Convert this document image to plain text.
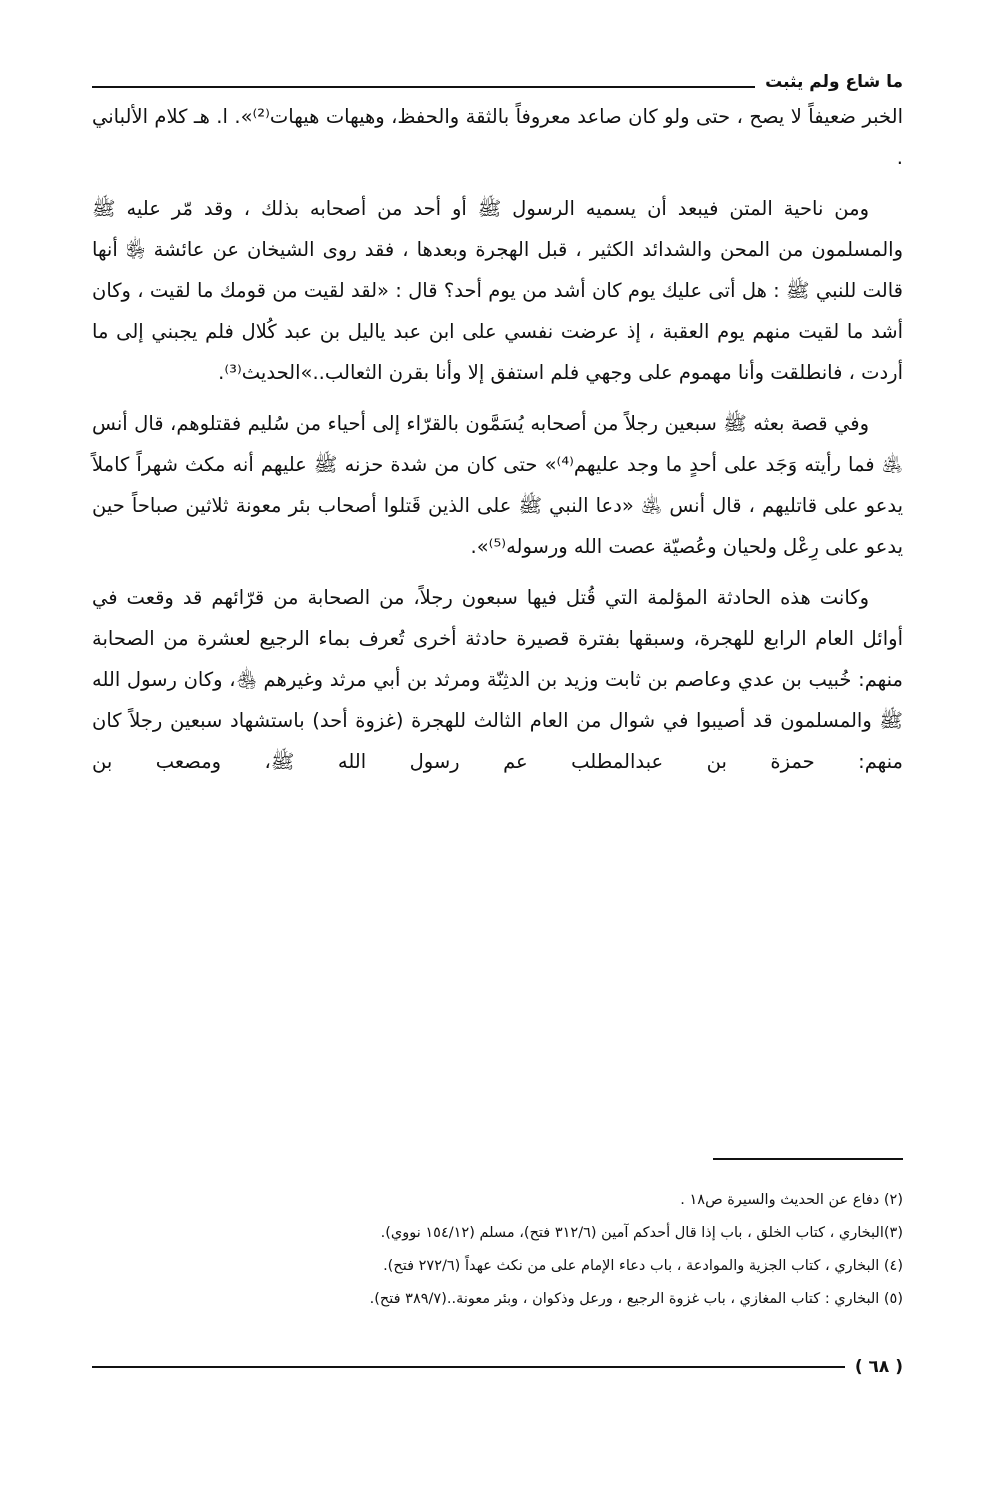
ما شاع ولم يثبت

الخبر ضعيفاً لا يصح ، حتى ولو كان صاعد معروفاً بالثقة والحفظ، وهيهات هيهات⁽²⁾». ا. هـ كلام الألباني .

ومن ناحية المتن فيبعد أن يسميه الرسول ﷺ أو أحد من أصحابه بذلك ، وقد مّر عليه ﷺ والمسلمون من المحن والشدائد الكثير ، قبل الهجرة وبعدها ، فقد روى الشيخان عن عائشة ﵂ أنها قالت للنبي ﷺ : هل أتى عليك يوم كان أشد من يوم أحد؟ قال : «لقد لقيت من قومك ما لقيت ، وكان أشد ما لقيت منهم يوم العقبة ، إذ عرضت نفسي على ابن عبد ياليل بن عبد كُلال فلم يجبني إلى ما أردت ، فانطلقت وأنا مهموم على وجهي فلم استفق إلا وأنا بقرن الثعالب..»الحديث⁽³⁾.

وفي قصة بعثه ﷺ سبعين رجلاً من أصحابه يُسَمَّون بالقرّاء إلى أحياء من سُليم فقتلوهم، قال أنس ﵁ فما رأيته وَجَد على أحدٍ ما وجد عليهم⁽⁴⁾» حتى كان من شدة حزنه ﷺ عليهم أنه مكث شهراً كاملاً يدعو على قاتليهم ، قال أنس ﵁ «دعا النبي ﷺ على الذين قَتلوا أصحاب بئر معونة ثلاثين صباحاً حين يدعو على رِعْل ولحيان وعُصيّة عصت الله ورسوله⁽⁵⁾».

وكانت هذه الحادثة المؤلمة التي قُتل فيها سبعون رجلاً، من الصحابة من قرّائهم قد وقعت في أوائل العام الرابع للهجرة، وسبقها بفترة قصيرة حادثة أخرى تُعرف بماء الرجيع لعشرة من الصحابة منهم: خُبيب بن عدي وعاصم بن ثابت وزيد بن الدثِنّة ومرثد بن أبي مرثد وغيرهم ﵃، وكان رسول الله ﷺ والمسلمون قد أصيبوا في شوال من العام الثالث للهجرة (غزوة أحد) باستشهاد سبعين رجلاً كان منهم: حمزة بن عبدالمطلب عم رسول الله ﷺ، ومصعب بن

(٢) دفاع عن الحديث والسيرة ص١٨ .

(٣)البخاري ، كتاب الخلق ، باب إذا قال أحدكم آمين (٣١٢/٦ فتح)، مسلم (١٥٤/١٢ نووي).

(٤) البخاري ، كتاب الجزية والموادعة ، باب دعاء الإمام على من نكث عهداً (٢٧٢/٦ فتح).

(٥) البخاري : كتاب المغازي ، باب غزوة الرجيع ، ورعل وذكوان ، وبئر معونة..(٣٨٩/٧ فتح).

( ٦٨ )
